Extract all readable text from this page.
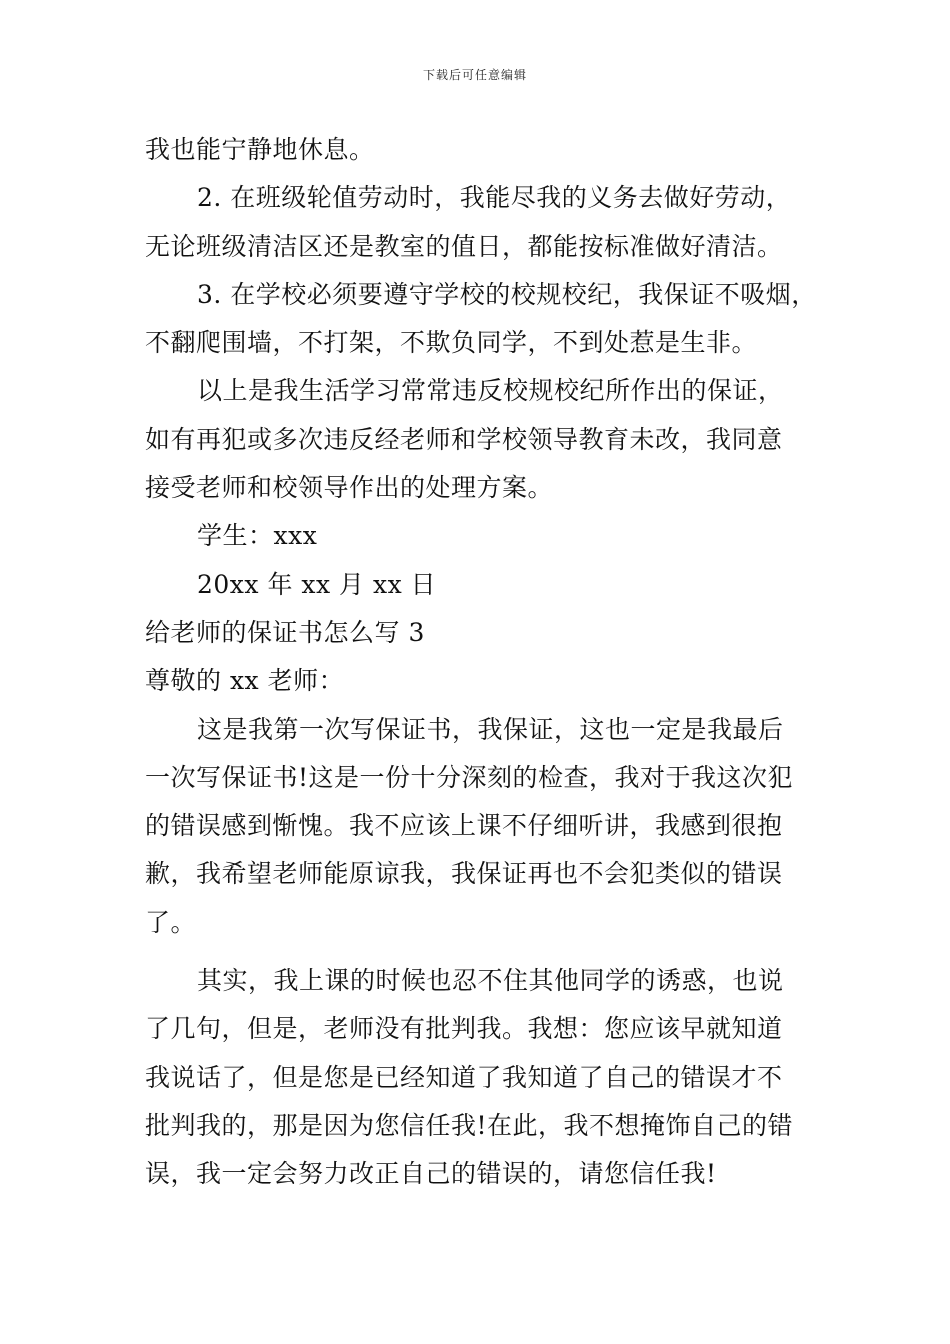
下载后可任意编辑
我也能宁静地休息。
2. 在班级轮值劳动时，我能尽我的义务去做好劳动，
无论班级清洁区还是教室的值日，都能按标准做好清洁。
3. 在学校必须要遵守学校的校规校纪，我保证不吸烟，
不翻爬围墙，不打架，不欺负同学，不到处惹是生非。
以上是我生活学习常常违反校规校纪所作出的保证，
如有再犯或多次违反经老师和学校领导教育未改，我同意
接受老师和校领导作出的处理方案。
学生：xxx
20xx 年 xx 月 xx 日
给老师的保证书怎么写 3
尊敬的 xx 老师：
这是我第一次写保证书，我保证，这也一定是我最后
一次写保证书!这是一份十分深刻的检查，我对于我这次犯
的错误感到惭愧。我不应该上课不仔细听讲，我感到很抱
歉，我希望老师能原谅我，我保证再也不会犯类似的错误
了。
其实，我上课的时候也忍不住其他同学的诱惑，也说
了几句，但是，老师没有批判我。我想：您应该早就知道
我说话了，但是您是已经知道了我知道了自己的错误才不
批判我的，那是因为您信任我!在此，我不想掩饰自己的错
误，我一定会努力改正自己的错误的，请您信任我!
